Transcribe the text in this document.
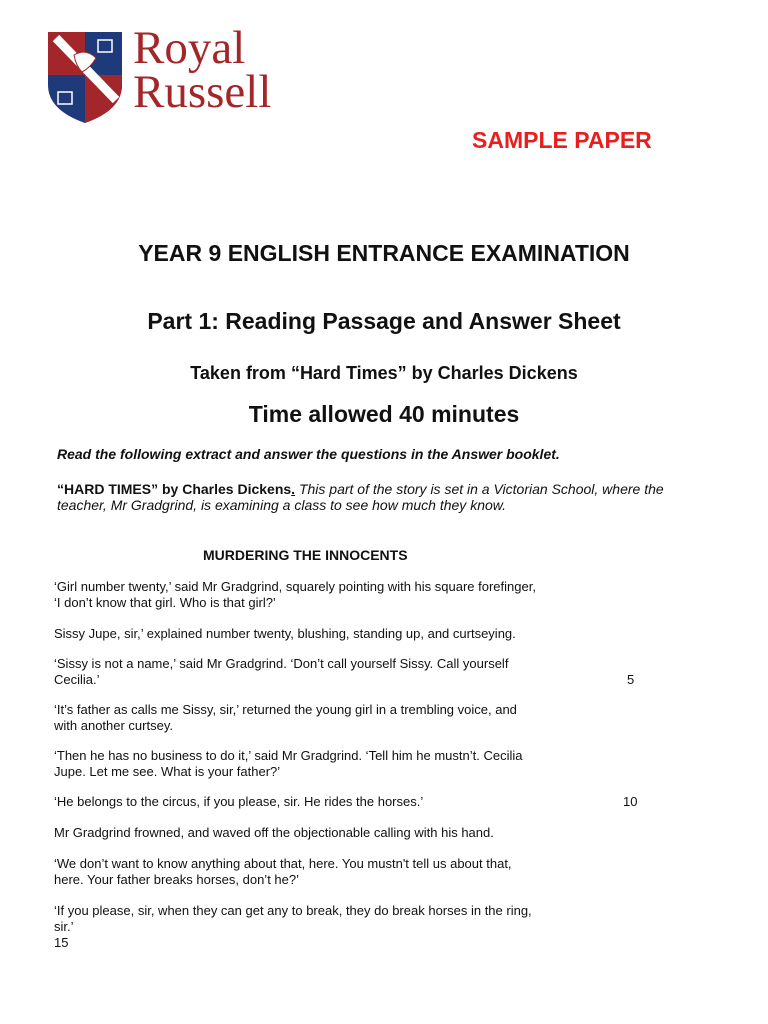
Royal
Russell
SAMPLE PAPER
YEAR 9 ENGLISH ENTRANCE EXAMINATION
Part 1: Reading Passage and Answer Sheet
Taken from “Hard Times” by Charles Dickens
Time allowed 40 minutes
Read the following extract and answer the questions in the Answer booklet.
“HARD TIMES” by Charles Dickens. This part of the story is set in a Victorian School, where the teacher, Mr Gradgrind, is examining a class to see how much they know.
MURDERING THE INNOCENTS
‘Girl number twenty,’ said Mr Gradgrind, squarely pointing with his square forefinger,
‘I don’t know that girl. Who is that girl?’
Sissy Jupe, sir,’ explained number twenty, blushing, standing up, and curtseying.
‘Sissy is not a name,’ said Mr Gradgrind. ‘Don’t call yourself Sissy. Call yourself
Cecilia.’	5
‘It’s father as calls me Sissy, sir,’ returned the young girl in a trembling voice, and
with another curtsey.
‘Then he has no business to do it,’ said Mr Gradgrind. ‘Tell him he mustn’t. Cecilia
Jupe. Let me see. What is your father?’
‘He belongs to the circus, if you please, sir. He rides the horses.’	10
Mr Gradgrind frowned, and waved off the objectionable calling with his hand.
‘We don’t want to know anything about that, here. You mustn't tell us about that,
here. Your father breaks horses, don’t he?’
‘If you please, sir, when they can get any to break, they do break horses in the ring,
sir.’
15
